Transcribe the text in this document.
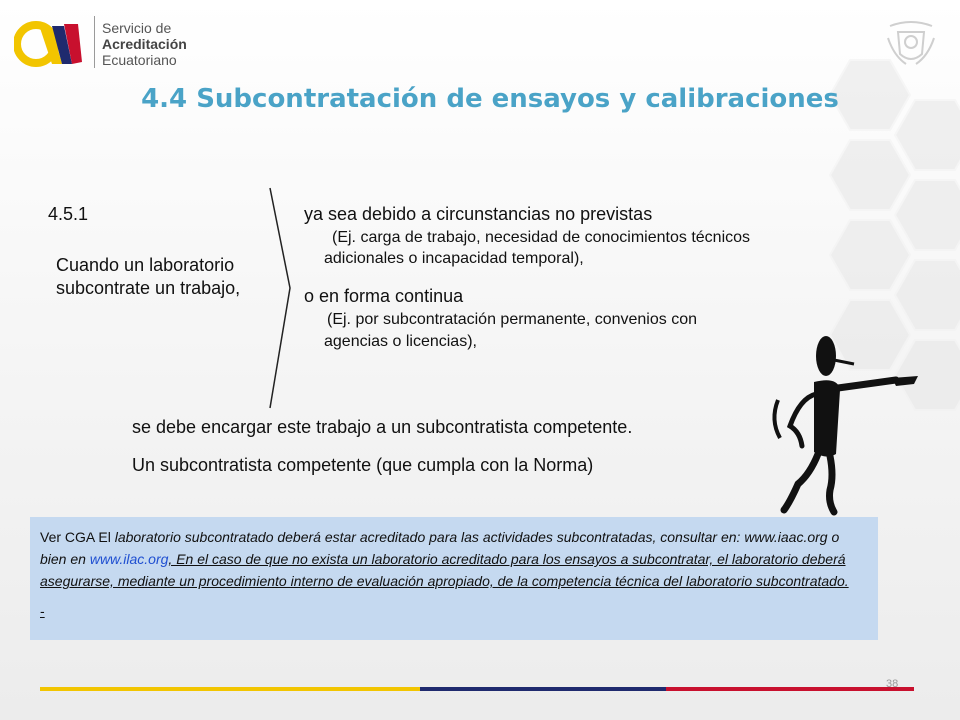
Servicio de
Acreditación
Ecuatoriano
4.4 Subcontratación de ensayos y calibraciones
4.5.1
Cuando un laboratorio
subcontrate un trabajo,
ya sea debido a circunstancias no previstas
(Ej. carga de trabajo, necesidad de conocimientos técnicos
adicionales o incapacidad temporal),
o en forma continua
(Ej. por subcontratación permanente, convenios con
agencias o licencias),
se debe encargar este trabajo a un subcontratista competente.
Un subcontratista competente (que cumpla con la Norma)
Ver CGA El laboratorio subcontratado deberá estar acreditado para las actividades subcontratadas, consultar en: www.iaac.org o bien en www.ilac.org, En el caso de que no exista un laboratorio acreditado para los ensayos a subcontratar, el laboratorio deberá asegurarse, mediante un procedimiento interno de evaluación apropiado, de la competencia técnica del laboratorio subcontratado.
-
38
